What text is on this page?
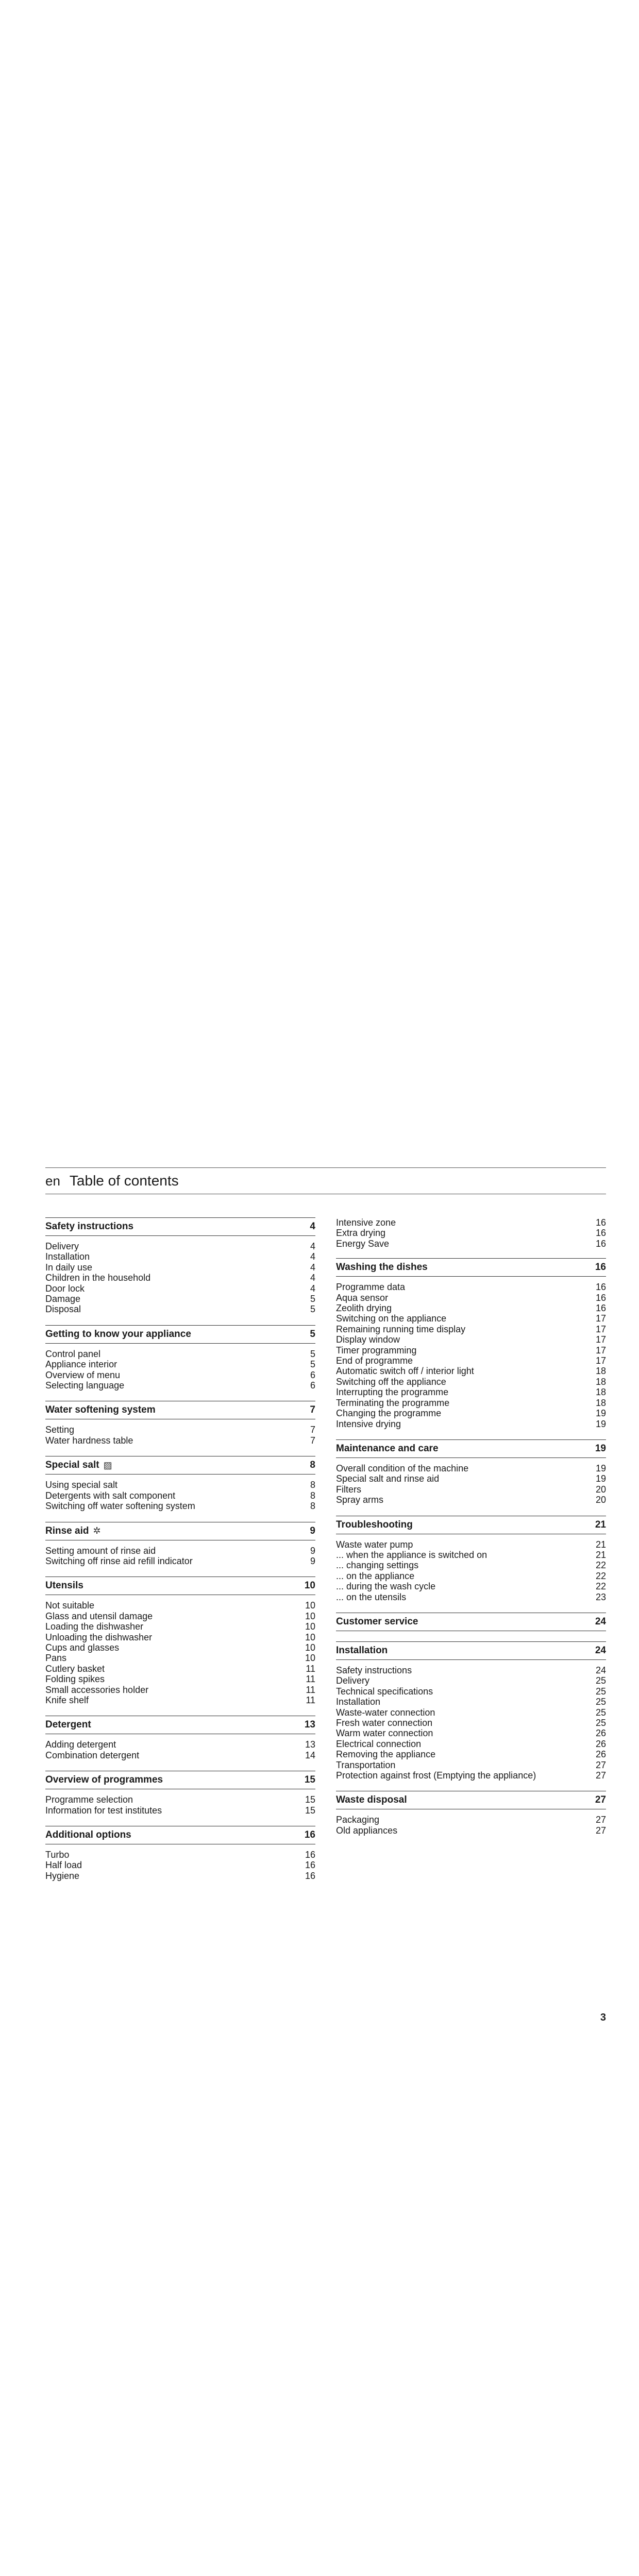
en Table of contents
Safety instructions	4
Delivery	4
Installation	4
In daily use	4
Children in the household	4
Door lock	4
Damage	5
Disposal	5
Getting to know your appliance	5
Control panel	5
Appliance interior	5
Overview of menu	6
Selecting language	6
Water softening system	7
Setting	7
Water hardness table	7
Special salt ▨	8
Using special salt	8
Detergents with salt component	8
Switching off water softening system	8
Rinse aid ✲	9
Setting amount of rinse aid	9
Switching off rinse aid refill indicator	9
Utensils	10
Not suitable	10
Glass and utensil damage	10
Loading the dishwasher	10
Unloading the dishwasher	10
Cups and glasses	10
Pans	10
Cutlery basket	11
Folding spikes	11
Small accessories holder	11
Knife shelf	11
Detergent	13
Adding detergent	13
Combination detergent	14
Overview of programmes	15
Programme selection	15
Information for test institutes	15
Additional options	16
Turbo	16
Half load	16
Hygiene	16
Intensive zone	16
Extra drying	16
Energy Save	16
Washing the dishes	16
Programme data	16
Aqua sensor	16
Zeolith drying	16
Switching on the appliance	17
Remaining running time display	17
Display window	17
Timer programming	17
End of programme	17
Automatic switch off / interior light	18
Switching off the appliance	18
Interrupting the programme	18
Terminating the programme	18
Changing the programme	19
Intensive drying	19
Maintenance and care	19
Overall condition of the machine	19
Special salt and rinse aid	19
Filters	20
Spray arms	20
Troubleshooting	21
Waste water pump	21
... when the appliance is switched on	21
... changing settings	22
... on the appliance	22
... during the wash cycle	22
... on the utensils	23
Customer service	24
Installation	24
Safety instructions	24
Delivery	25
Technical specifications	25
Installation	25
Waste-water connection	25
Fresh water connection	25
Warm water connection	26
Electrical connection	26
Removing the appliance	26
Transportation	27
Protection against frost (Emptying the appliance)	27
Waste disposal	27
Packaging	27
Old appliances	27
3
